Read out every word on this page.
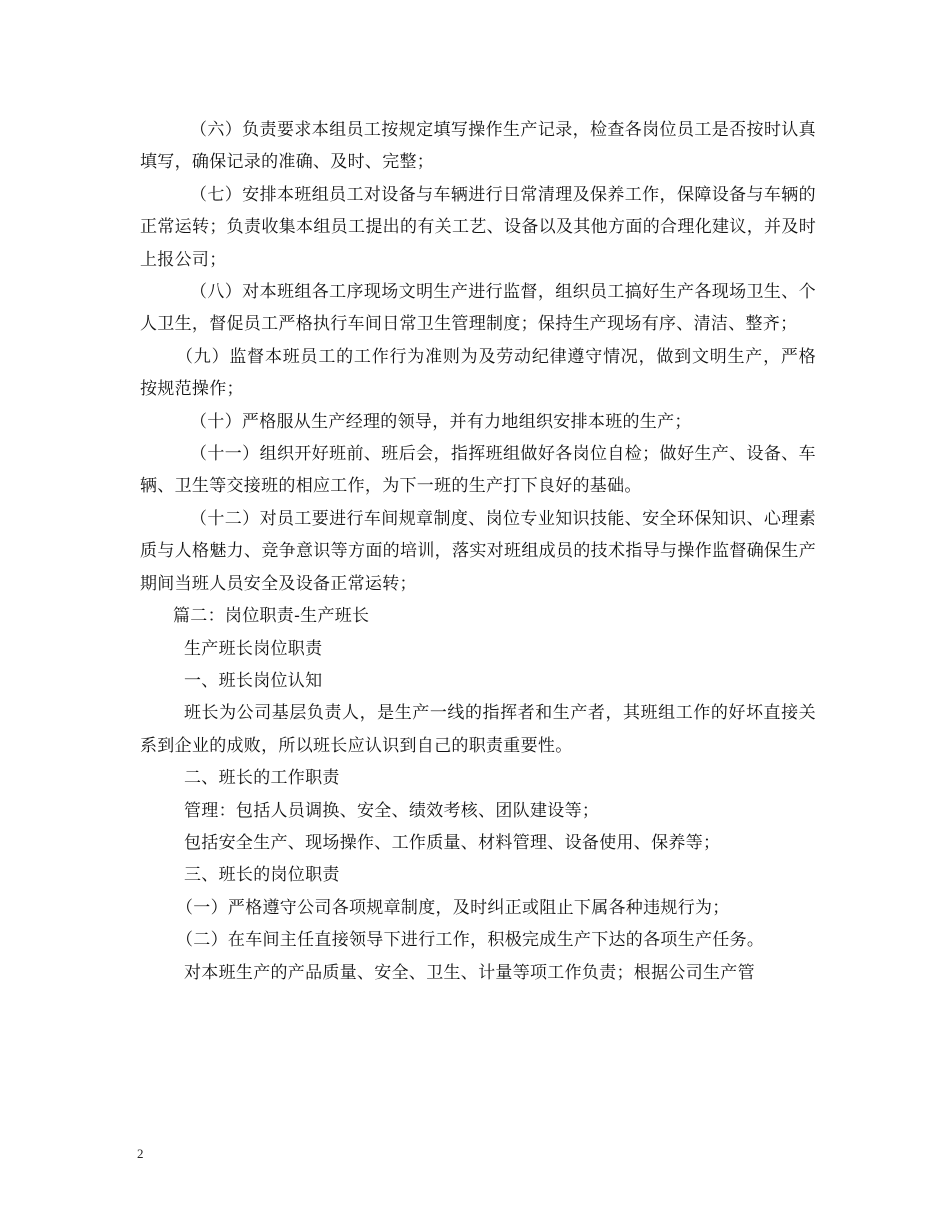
（六）负责要求本组员工按规定填写操作生产记录，检查各岗位员工是否按时认真填写，确保记录的准确、及时、完整；

（七）安排本班组员工对设备与车辆进行日常清理及保养工作，保障设备与车辆的正常运转；负责收集本组员工提出的有关工艺、设备以及其他方面的合理化建议，并及时上报公司；

（八）对本班组各工序现场文明生产进行监督，组织员工搞好生产各现场卫生、个人卫生，督促员工严格执行车间日常卫生管理制度；保持生产现场有序、清洁、整齐；

（九）监督本班员工的工作行为准则为及劳动纪律遵守情况，做到文明生产，严格按规范操作；

（十）严格服从生产经理的领导，并有力地组织安排本班的生产；

（十一）组织开好班前、班后会，指挥班组做好各岗位自检；做好生产、设备、车辆、卫生等交接班的相应工作，为下一班的生产打下良好的基础。

（十二）对员工要进行车间规章制度、岗位专业知识技能、安全环保知识、心理素质与人格魅力、竞争意识等方面的培训，落实对班组成员的技术指导与操作监督确保生产期间当班人员安全及设备正常运转；

篇二：岗位职责-生产班长

生产班长岗位职责

一、班长岗位认知

班长为公司基层负责人，是生产一线的指挥者和生产者，其班组工作的好坏直接关系到企业的成败，所以班长应认识到自己的职责重要性。

二、班长的工作职责

管理：包括人员调换、安全、绩效考核、团队建设等；

包括安全生产、现场操作、工作质量、材料管理、设备使用、保养等；

三、班长的岗位职责

（一）严格遵守公司各项规章制度，及时纠正或阻止下属各种违规行为；

（二）在车间主任直接领导下进行工作，积极完成生产下达的各项生产任务。

对本班生产的产品质量、安全、卫生、计量等项工作负责；根据公司生产管

2
